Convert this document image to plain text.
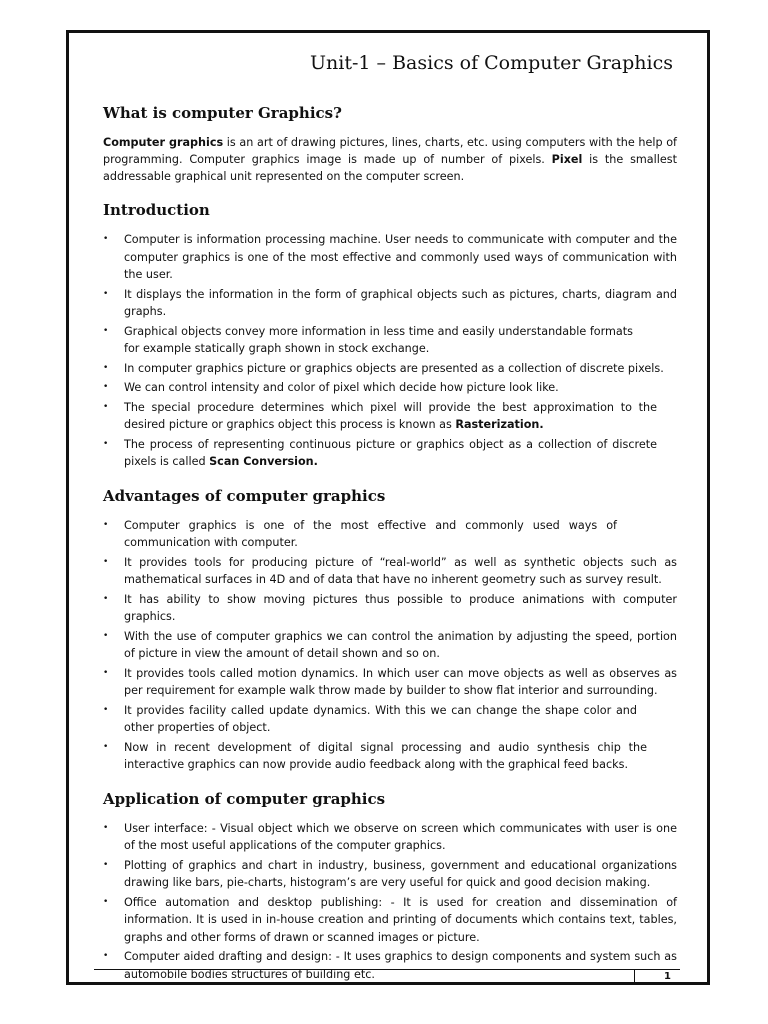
Unit-1 – Basics of Computer Graphics
What is computer Graphics?

Computer graphics is an art of drawing pictures, lines, charts, etc. using computers with the help of programming. Computer graphics image is made up of number of pixels. Pixel is the smallest addressable graphical unit represented on the computer screen.

Introduction
• Computer is information processing machine. User needs to communicate with computer and the computer graphics is one of the most effective and commonly used ways of communication with the user.
• It displays the information in the form of graphical objects such as pictures, charts, diagram and graphs.
• Graphical objects convey more information in less time and easily understandable formats for example statically graph shown in stock exchange.
• In computer graphics picture or graphics objects are presented as a collection of discrete pixels.
• We can control intensity and color of pixel which decide how picture look like.
• The special procedure determines which pixel will provide the best approximation to the desired picture or graphics object this process is known as Rasterization.
• The process of representing continuous picture or graphics object as a collection of discrete pixels is called Scan Conversion.
Advantages of computer graphics
• Computer graphics is one of the most effective and commonly used ways of communication with computer.
• It provides tools for producing picture of “real-world” as well as synthetic objects such as mathematical surfaces in 4D and of data that have no inherent geometry such as survey result.
• It has ability to show moving pictures thus possible to produce animations with computer graphics.
• With the use of computer graphics we can control the animation by adjusting the speed, portion of picture in view the amount of detail shown and so on.
• It provides tools called motion dynamics. In which user can move objects as well as observes as per requirement for example walk throw made by builder to show flat interior and surrounding.
• It provides facility called update dynamics. With this we can change the shape color and other properties of object.
• Now in recent development of digital signal processing and audio synthesis chip the interactive graphics can now provide audio feedback along with the graphical feed backs.
Application of computer graphics
• User interface: - Visual object which we observe on screen which communicates with user is one of the most useful applications of the computer graphics.
• Plotting of graphics and chart in industry, business, government and educational organizations drawing like bars, pie-charts, histogram’s are very useful for quick and good decision making.
• Office automation and desktop publishing: - It is used for creation and dissemination of information. It is used in in-house creation and printing of documents which contains text, tables, graphs and other forms of drawn or scanned images or picture.
• Computer aided drafting and design: - It uses graphics to design components and system such as automobile bodies structures of building etc.	1
